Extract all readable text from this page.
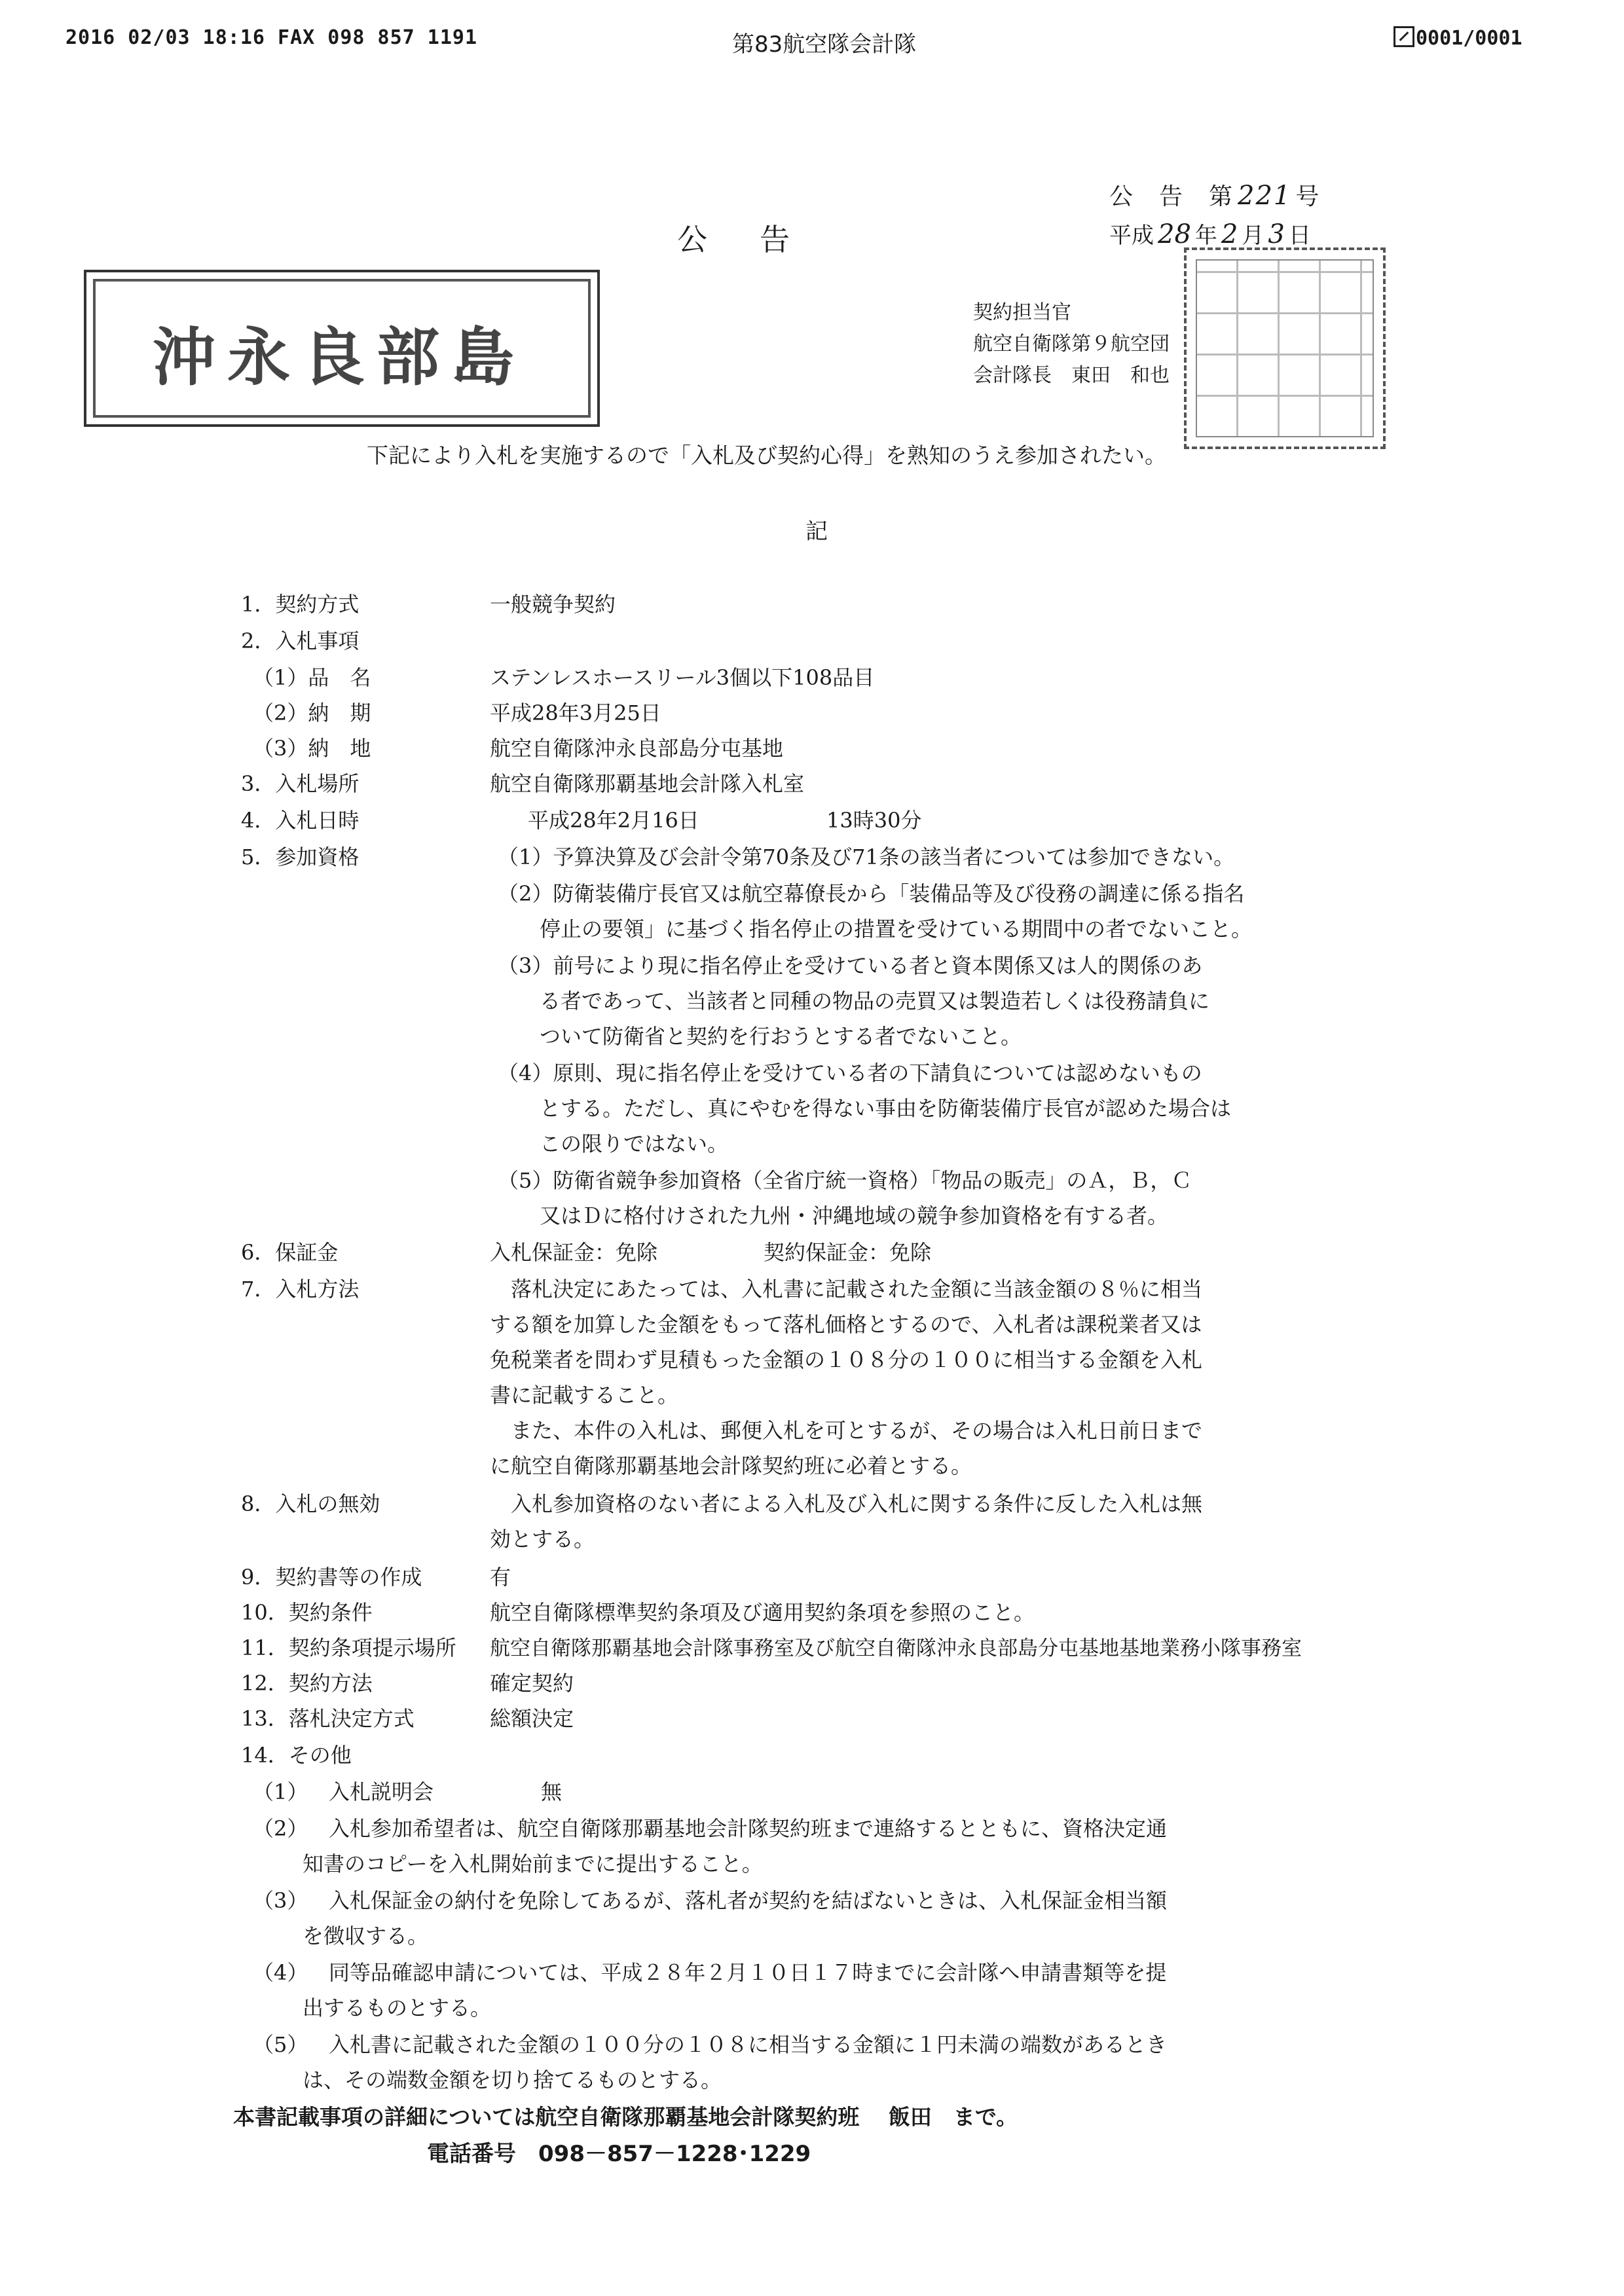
2016 02/03 18:16 FAX 098 857 1191	第83航空隊会計隊	0001/0001
公　告　第 221 号
公告	平成 28 年 2 月 3 日
沖永良部島
契約担当官
航空自衛隊第９航空団
会計隊長　東田　和也
下記により入札を実施するので「入札及び契約心得」を熟知のうえ参加されたい。
記
1．契約方式	一般競争契約
2．入札事項
（1）品　名	ステンレスホースリール3個以下108品目
（2）納　期	平成28年3月25日
（3）納　地	航空自衛隊沖永良部島分屯基地
3．入札場所	航空自衛隊那覇基地会計隊入札室
4．入札日時	平成28年2月16日	13時30分
5．参加資格	（1）予算決算及び会計令第70条及び71条の該当者については参加できない。
（2）防衛装備庁長官又は航空幕僚長から「装備品等及び役務の調達に係る指名
停止の要領」に基づく指名停止の措置を受けている期間中の者でないこと。
（3）前号により現に指名停止を受けている者と資本関係又は人的関係のあ
る者であって、当該者と同種の物品の売買又は製造若しくは役務請負に
ついて防衛省と契約を行おうとする者でないこと。
（4）原則、現に指名停止を受けている者の下請負については認めないもの
とする。ただし、真にやむを得ない事由を防衛装備庁長官が認めた場合は
この限りではない。
（5）防衛省競争参加資格（全省庁統一資格）「物品の販売」のＡ，Ｂ，Ｃ
又はＤに格付けされた九州・沖縄地域の競争参加資格を有する者。
6．保証金	入札保証金：免除	契約保証金：免除
7．入札方法	　落札決定にあたっては、入札書に記載された金額に当該金額の８％に相当
する額を加算した金額をもって落札価格とするので、入札者は課税業者又は
免税業者を問わず見積もった金額の１０８分の１００に相当する金額を入札
書に記載すること。
　また、本件の入札は、郵便入札を可とするが、その場合は入札日前日まで
に航空自衛隊那覇基地会計隊契約班に必着とする。
8．入札の無効	　入札参加資格のない者による入札及び入札に関する条件に反した入札は無
効とする。
9．契約書等の作成	有
10．契約条件	航空自衛隊標準契約条項及び適用契約条項を参照のこと。
11．契約条項提示場所 航空自衛隊那覇基地会計隊事務室及び航空自衛隊沖永良部島分屯基地基地業務小隊事務室
12．契約方法	確定契約
13．落札決定方式	総額決定
14．その他
（1） 入札説明会	無
（2） 入札参加希望者は、航空自衛隊那覇基地会計隊契約班まで連絡するとともに、資格決定通
知書のコピーを入札開始前までに提出すること。
（3） 入札保証金の納付を免除してあるが、落札者が契約を結ばないときは、入札保証金相当額
を徴収する。
（4） 同等品確認申請については、平成２８年２月１０日１７時までに会計隊へ申請書類等を提
出するものとする。
（5） 入札書に記載された金額の１００分の１０８に相当する金額に１円未満の端数があるとき
は、その端数金額を切り捨てるものとする。
本書記載事項の詳細については航空自衛隊那覇基地会計隊契約班　 飯田　まで。
電話番号　098－857－1228･1229
